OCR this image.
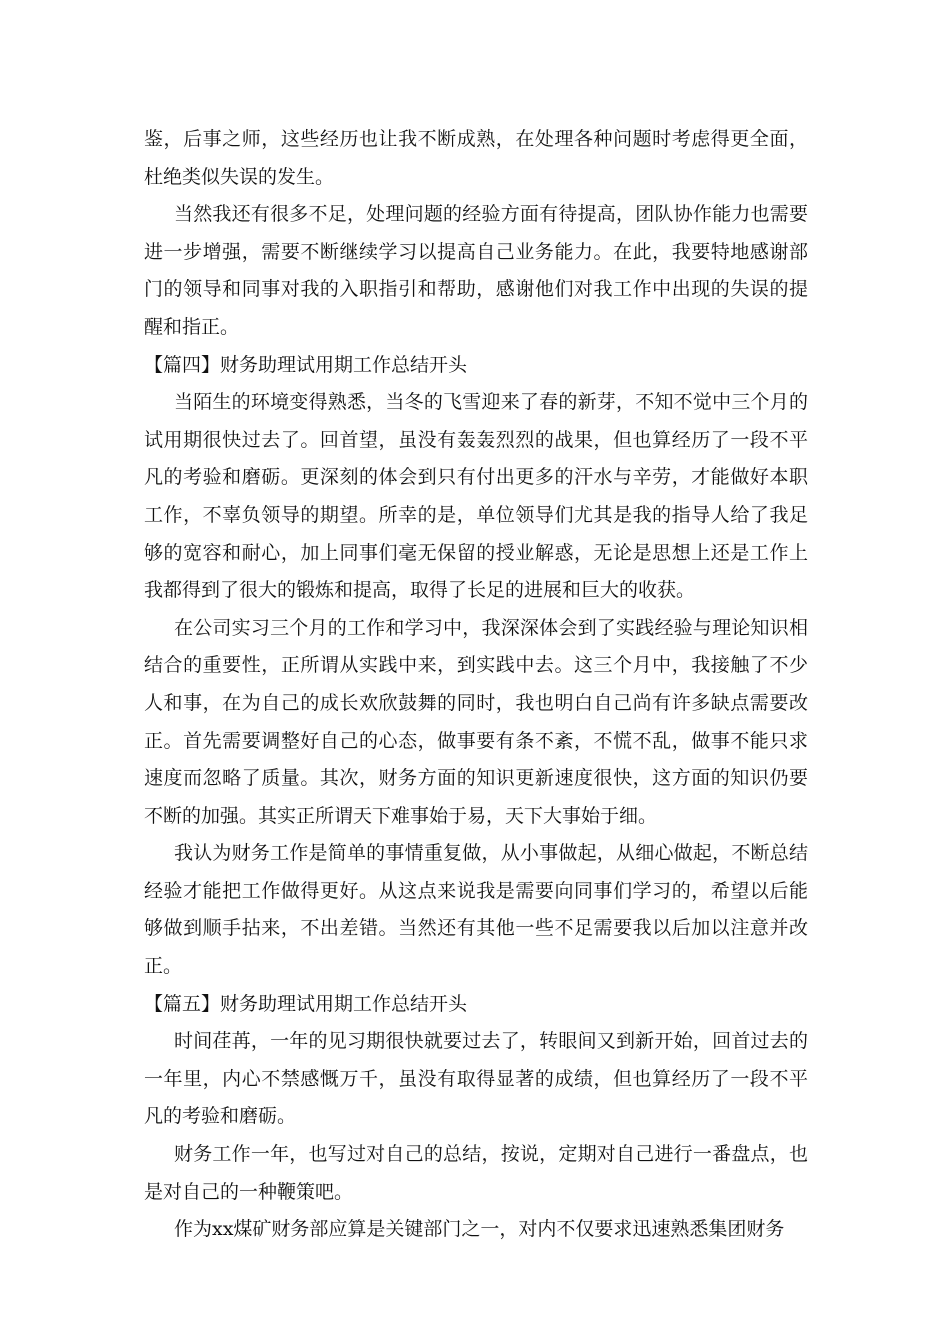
鉴，后事之师，这些经历也让我不断成熟，在处理各种问题时考虑得更全面，杜绝类似失误的发生。

当然我还有很多不足，处理问题的经验方面有待提高，团队协作能力也需要进一步增强，需要不断继续学习以提高自己业务能力。在此，我要特地感谢部门的领导和同事对我的入职指引和帮助，感谢他们对我工作中出现的失误的提醒和指正。

【篇四】财务助理试用期工作总结开头

当陌生的环境变得熟悉，当冬的飞雪迎来了春的新芽，不知不觉中三个月的试用期很快过去了。回首望，虽没有轰轰烈烈的战果，但也算经历了一段不平凡的考验和磨砺。更深刻的体会到只有付出更多的汗水与辛劳，才能做好本职工作，不辜负领导的期望。所幸的是，单位领导们尤其是我的指导人给了我足够的宽容和耐心，加上同事们毫无保留的授业解惑，无论是思想上还是工作上我都得到了很大的锻炼和提高，取得了长足的进展和巨大的收获。

在公司实习三个月的工作和学习中，我深深体会到了实践经验与理论知识相结合的重要性，正所谓从实践中来，到实践中去。这三个月中，我接触了不少人和事，在为自己的成长欢欣鼓舞的同时，我也明白自己尚有许多缺点需要改正。首先需要调整好自己的心态，做事要有条不紊，不慌不乱，做事不能只求速度而忽略了质量。其次，财务方面的知识更新速度很快，这方面的知识仍要不断的加强。其实正所谓天下难事始于易，天下大事始于细。

我认为财务工作是简单的事情重复做，从小事做起，从细心做起，不断总结经验才能把工作做得更好。从这点来说我是需要向同事们学习的，希望以后能够做到顺手拈来，不出差错。当然还有其他一些不足需要我以后加以注意并改正。

【篇五】财务助理试用期工作总结开头

时间荏苒，一年的见习期很快就要过去了，转眼间又到新开始，回首过去的一年里，内心不禁感慨万千，虽没有取得显著的成绩，但也算经历了一段不平凡的考验和磨砺。

财务工作一年，也写过对自己的总结，按说，定期对自己进行一番盘点，也是对自己的一种鞭策吧。

作为xx煤矿财务部应算是关键部门之一，对内不仅要求迅速熟悉集团财务
